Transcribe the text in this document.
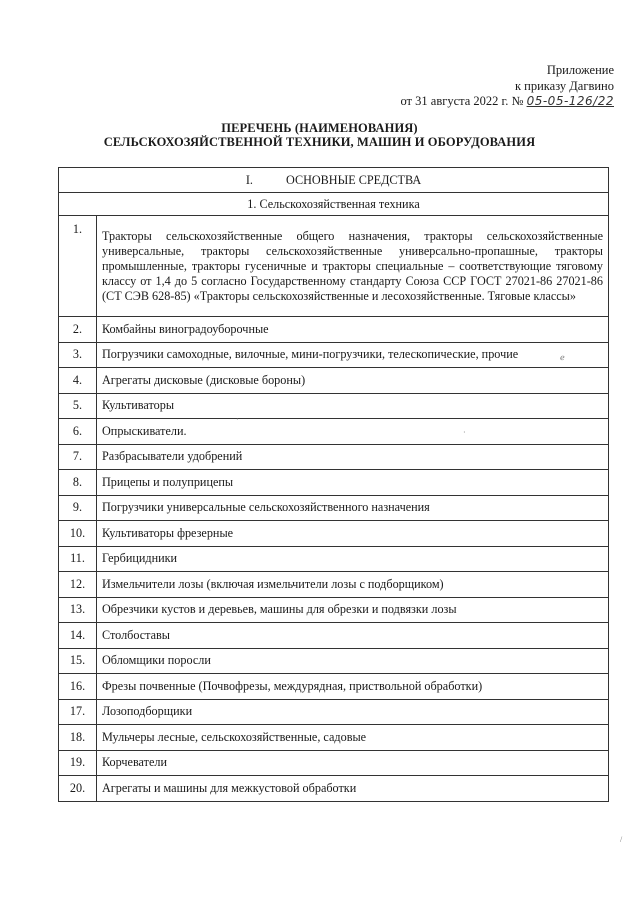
Приложение
к приказу Дагвино
от 31 августа 2022 г. № 05-05-126/22
ПЕРЕЧЕНЬ (НАИМЕНОВАНИЯ)
СЕЛЬСКОХОЗЯЙСТВЕННОЙ ТЕХНИКИ, МАШИН И ОБОРУДОВАНИЯ
I. ОСНОВНЫЕ СРЕДСТВА	
1. Сельскохозяйственная техника	
1.	Тракторы сельскохозяйственные общего назначения, тракторы сельскохозяйственные универсальные, тракторы сельскохозяйственные универсально-пропашные, тракторы промышленные, тракторы гусеничные и тракторы специальные – соответствующие тяговому классу от 1,4 до 5 согласно Государственному стандарту Союза ССР ГОСТ 27021-86 27021-86 (СТ СЭВ 628-85) «Тракторы сельскохозяйственные и лесохозяйственные. Тяговые классы»
2.	Комбайны виноградоуборочные
3.	Погрузчики самоходные, вилочные, мини-погрузчики, телескопические, прочие
4.	Агрегаты дисковые (дисковые бороны)
5.	Культиваторы
6.	Опрыскиватели.
7.	Разбрасыватели удобрений
8.	Прицепы и полуприцепы
9.	Погрузчики универсальные сельскохозяйственного назначения
10.	Культиваторы фрезерные
11.	Гербицидники
12.	Измельчители лозы (включая измельчители лозы с подборщиком)
13.	Обрезчики кустов и деревьев, машины для обрезки и подвязки лозы
14.	Столбоставы
15.	Обломщики поросли
16.	Фрезы почвенные (Почвофрезы, междурядная, приствольной обработки)
17.	Лозоподборщики
18.	Мульчеры лесные, сельскохозяйственные, садовые
19.	Корчеватели
20.	Агрегаты и машины для межкустовой обработки
·
·
ℯ
/
